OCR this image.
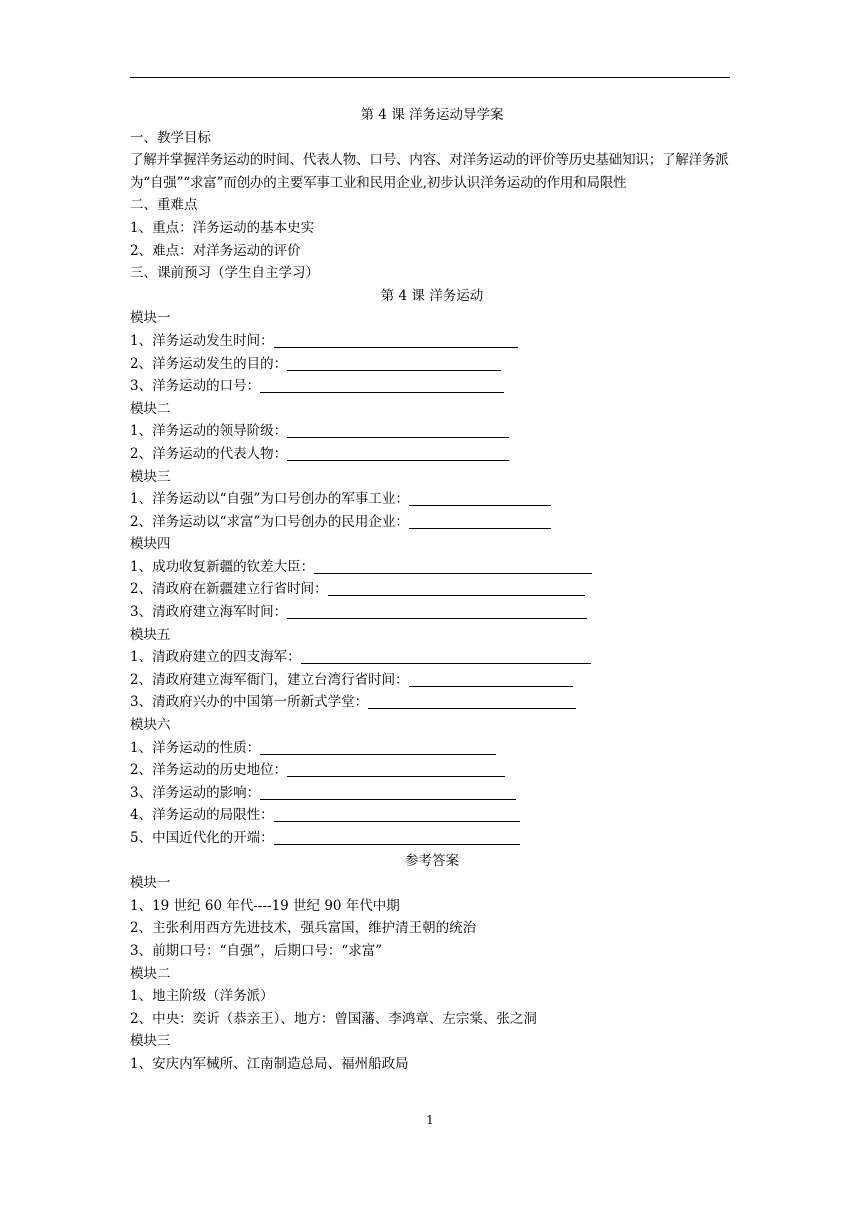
第 4 课 洋务运动导学案
一、教学目标
了解并掌握洋务运动的时间、代表人物、口号、内容、对洋务运动的评价等历史基础知识；了解洋务派为“自强”“求富”而创办的主要军事工业和民用企业,初步认识洋务运动的作用和局限性
二、重难点
1、重点：洋务运动的基本史实
2、难点：对洋务运动的评价
三、课前预习（学生自主学习）
第 4 课 洋务运动
模块一
1、洋务运动发生时间：
2、洋务运动发生的目的：
3、洋务运动的口号：
模块二
1、洋务运动的领导阶级：
2、洋务运动的代表人物：
模块三
1、洋务运动以“自强”为口号创办的军事工业：
2、洋务运动以“求富”为口号创办的民用企业：
模块四
1、成功收复新疆的钦差大臣：
2、清政府在新疆建立行省时间：
3、清政府建立海军时间：
模块五
1、清政府建立的四支海军：
2、清政府建立海军衙门，建立台湾行省时间：
3、清政府兴办的中国第一所新式学堂：
模块六
1、洋务运动的性质：
2、洋务运动的历史地位：
3、洋务运动的影响：
4、洋务运动的局限性：
5、中国近代化的开端：
参考答案
模块一
1、19 世纪 60 年代----19 世纪 90 年代中期
2、主张利用西方先进技术，强兵富国，维护清王朝的统治
3、前期口号：“自强”，后期口号：“求富”
模块二
1、地主阶级（洋务派）
2、中央：奕䜣（恭亲王）、地方：曾国藩、李鸿章、左宗棠、张之洞
模块三
1、安庆内军械所、江南制造总局、福州船政局
1
